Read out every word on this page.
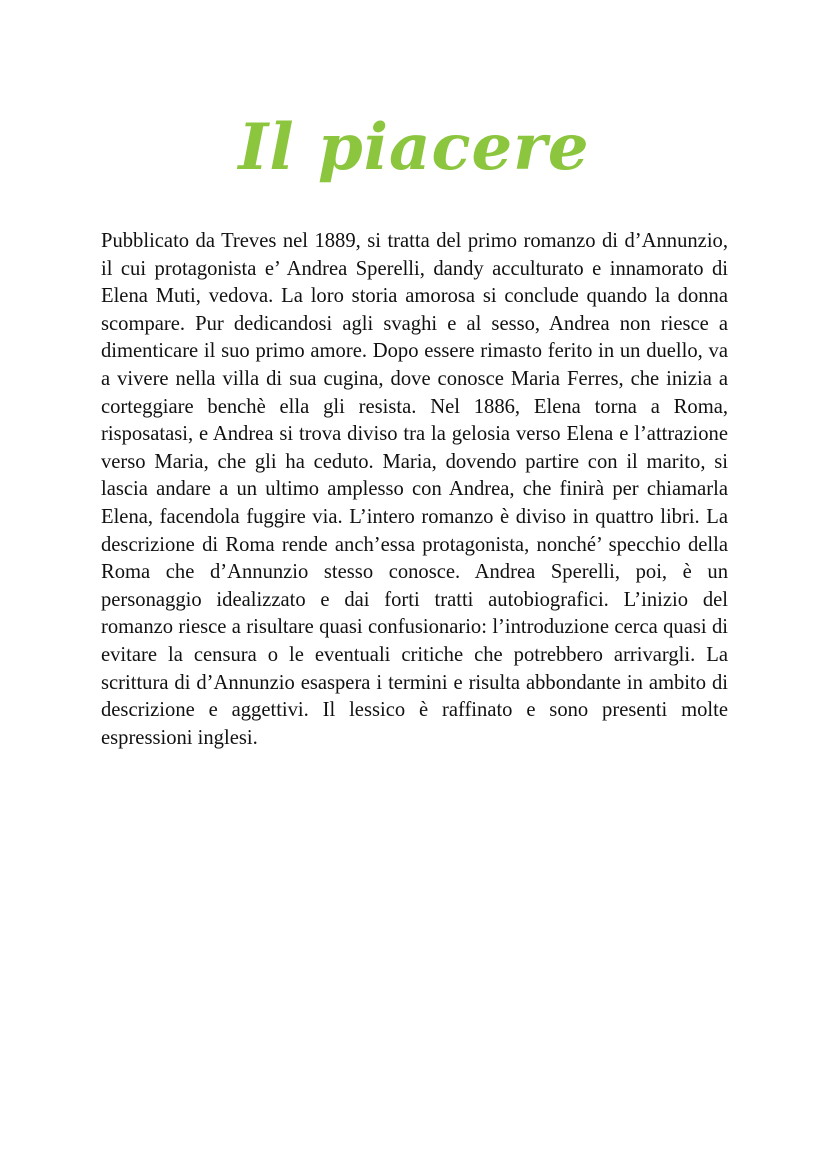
Il piacere

Pubblicato da Treves nel 1889, si tratta del primo romanzo di d’Annunzio, il cui protagonista e’ Andrea Sperelli, dandy acculturato e innamorato di Elena Muti, vedova. La loro storia amorosa si conclude quando la donna scompare. Pur dedicandosi agli svaghi e al sesso, Andrea non riesce a dimenticare il suo primo amore. Dopo essere rimasto ferito in un duello, va a vivere nella villa di sua cugina, dove conosce Maria Ferres, che inizia a corteggiare benchè ella gli resista. Nel 1886, Elena torna a Roma, risposatasi, e Andrea si trova diviso tra la gelosia verso Elena e l’attrazione verso Maria, che gli ha ceduto. Maria, dovendo partire con il marito, si lascia andare a un ultimo amplesso con Andrea, che finirà per chiamarla Elena, facendola fuggire via. L’intero romanzo è diviso in quattro libri. La descrizione di Roma rende anch’essa protagonista, nonché’ specchio della Roma che d’Annunzio stesso conosce. Andrea Sperelli, poi, è un personaggio idealizzato e dai forti tratti autobiografici. L’inizio del romanzo riesce a risultare quasi confusionario: l’introduzione cerca quasi di evitare la censura o le eventuali critiche che potrebbero arrivargli. La scrittura di d’Annunzio esaspera i termini e risulta abbondante in ambito di descrizione e aggettivi. Il lessico è raffinato e sono presenti molte espressioni inglesi.
